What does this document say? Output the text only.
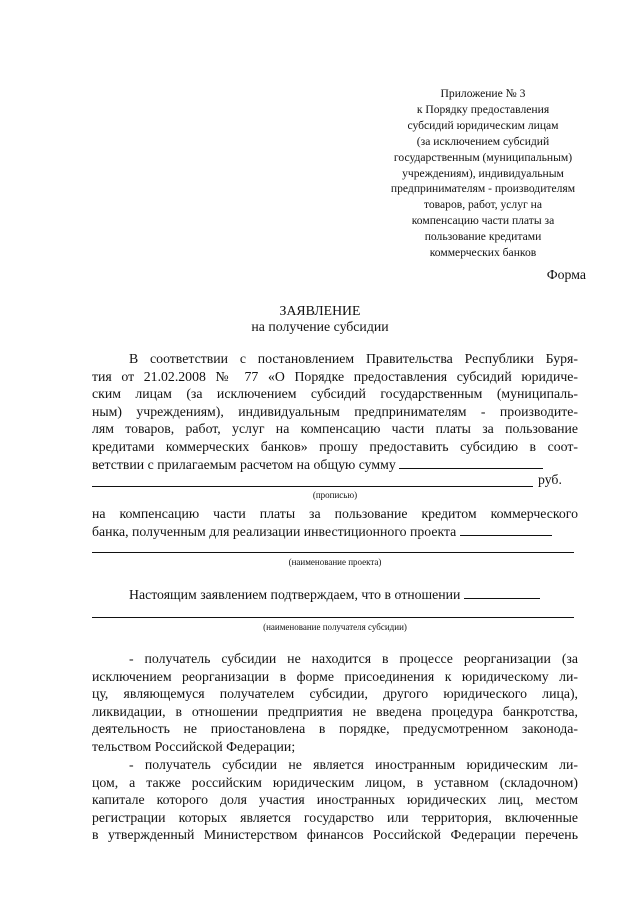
Приложение № 3
к Порядку предоставления
субсидий юридическим лицам
(за исключением субсидий
государственным (муниципальным)
учреждениям), индивидуальным
предпринимателям - производителям
товаров, работ, услуг на
компенсацию части платы за
пользование кредитами
коммерческих банков
Форма
ЗАЯВЛЕНИЕ
на получение субсидии
В соответствии с постановлением Правительства Республики Буря-
тия от 21.02.2008 № 77 «О Порядке предоставления субсидий юридиче-
ским лицам (за исключением субсидий государственным (муниципаль-
ным) учреждениям), индивидуальным предпринимателям - производите-
лям товаров, работ, услуг на компенсацию части платы за пользование
кредитами коммерческих банков» прошу предоставить субсидию в соот-
ветствии с прилагаемым расчетом на общую сумму
руб.
(прописью)
на компенсацию части платы за пользование кредитом коммерческого
банка, полученным для реализации инвестиционного проекта
(наименование проекта)
Настоящим заявлением подтверждаем, что в отношении
(наименование получателя субсидии)
- получатель субсидии не находится в процессе реорганизации (за
исключением реорганизации в форме присоединения к юридическому ли-
цу, являющемуся получателем субсидии, другого юридического лица),
ликвидации, в отношении предприятия не введена процедура банкротства,
деятельность не приостановлена в порядке, предусмотренном законода-
тельством Российской Федерации;
- получатель субсидии не является иностранным юридическим ли-
цом, а также российским юридическим лицом, в уставном (складочном)
капитале которого доля участия иностранных юридических лиц, местом
регистрации которых является государство или территория, включенные
в утвержденный Министерством финансов Российской Федерации перечень
